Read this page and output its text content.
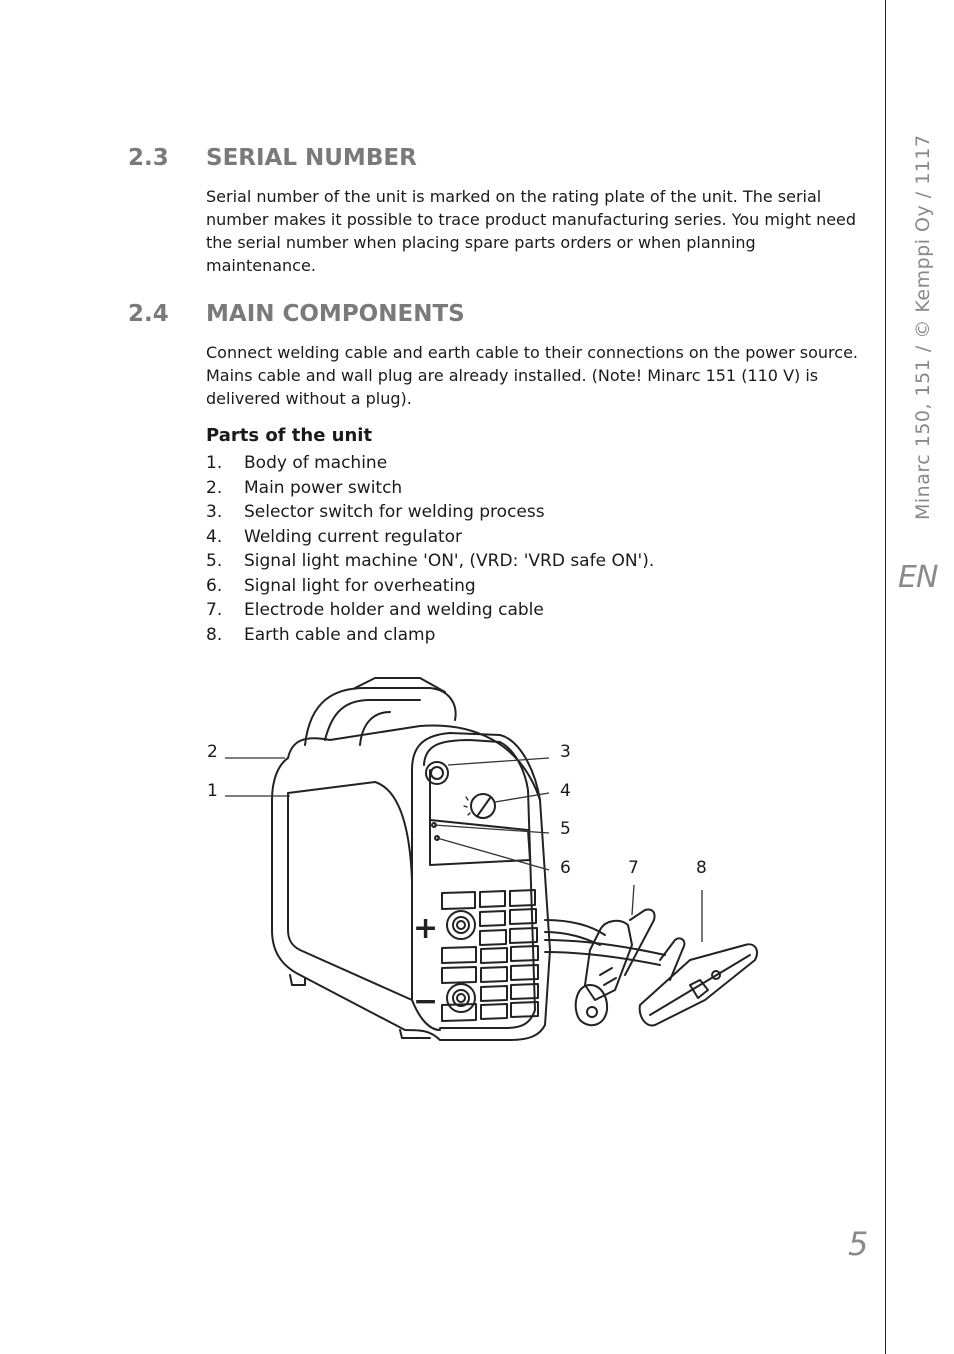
Minarc 150, 151 / © Kemppi Oy / 1117
EN
5
2.3 SERIAL NUMBER

Serial number of the unit is marked on the rating plate of the unit. The serial number makes it possible to trace product manufacturing series. You might need the serial number when placing spare parts orders or when planning maintenance.

2.4 MAIN COMPONENTS

Connect welding cable and earth cable to their connections on the power source. Mains cable and wall plug are already installed. (Note! Minarc 151 (110 V) is delivered without a plug).

Parts of the unit
1. Body of machine
2. Main power switch
3. Selector switch for welding process
4. Welding current regulator
5. Signal light machine 'ON', (VRD: 'VRD safe ON').
6. Signal light for overheating
7. Electrode holder and welding cable
8. Earth cable and clamp
+
−
2
1
3
4
5
6	7	8
